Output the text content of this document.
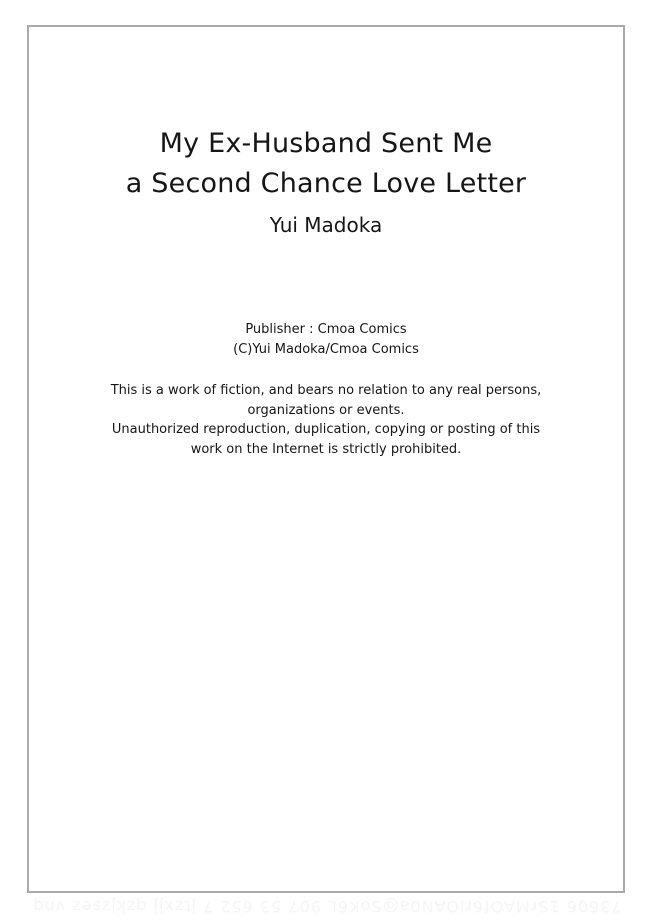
My Ex-Husband Sent Me
a Second Chance Love Letter
Yui Madoka
Publisher : Cmoa Comics
(C)Yui Madoka/Cmoa Comics
This is a work of fiction, and bears no relation to any real persons,
organizations or events.
Unauthorized reproduction, duplication, copying or posting of this
work on the Internet is strictly prohibited.
73606 1SrMAOf6rlOAN0a@SoK6L 907 53 652 7 jtzxjj qzkjzsez vnq
